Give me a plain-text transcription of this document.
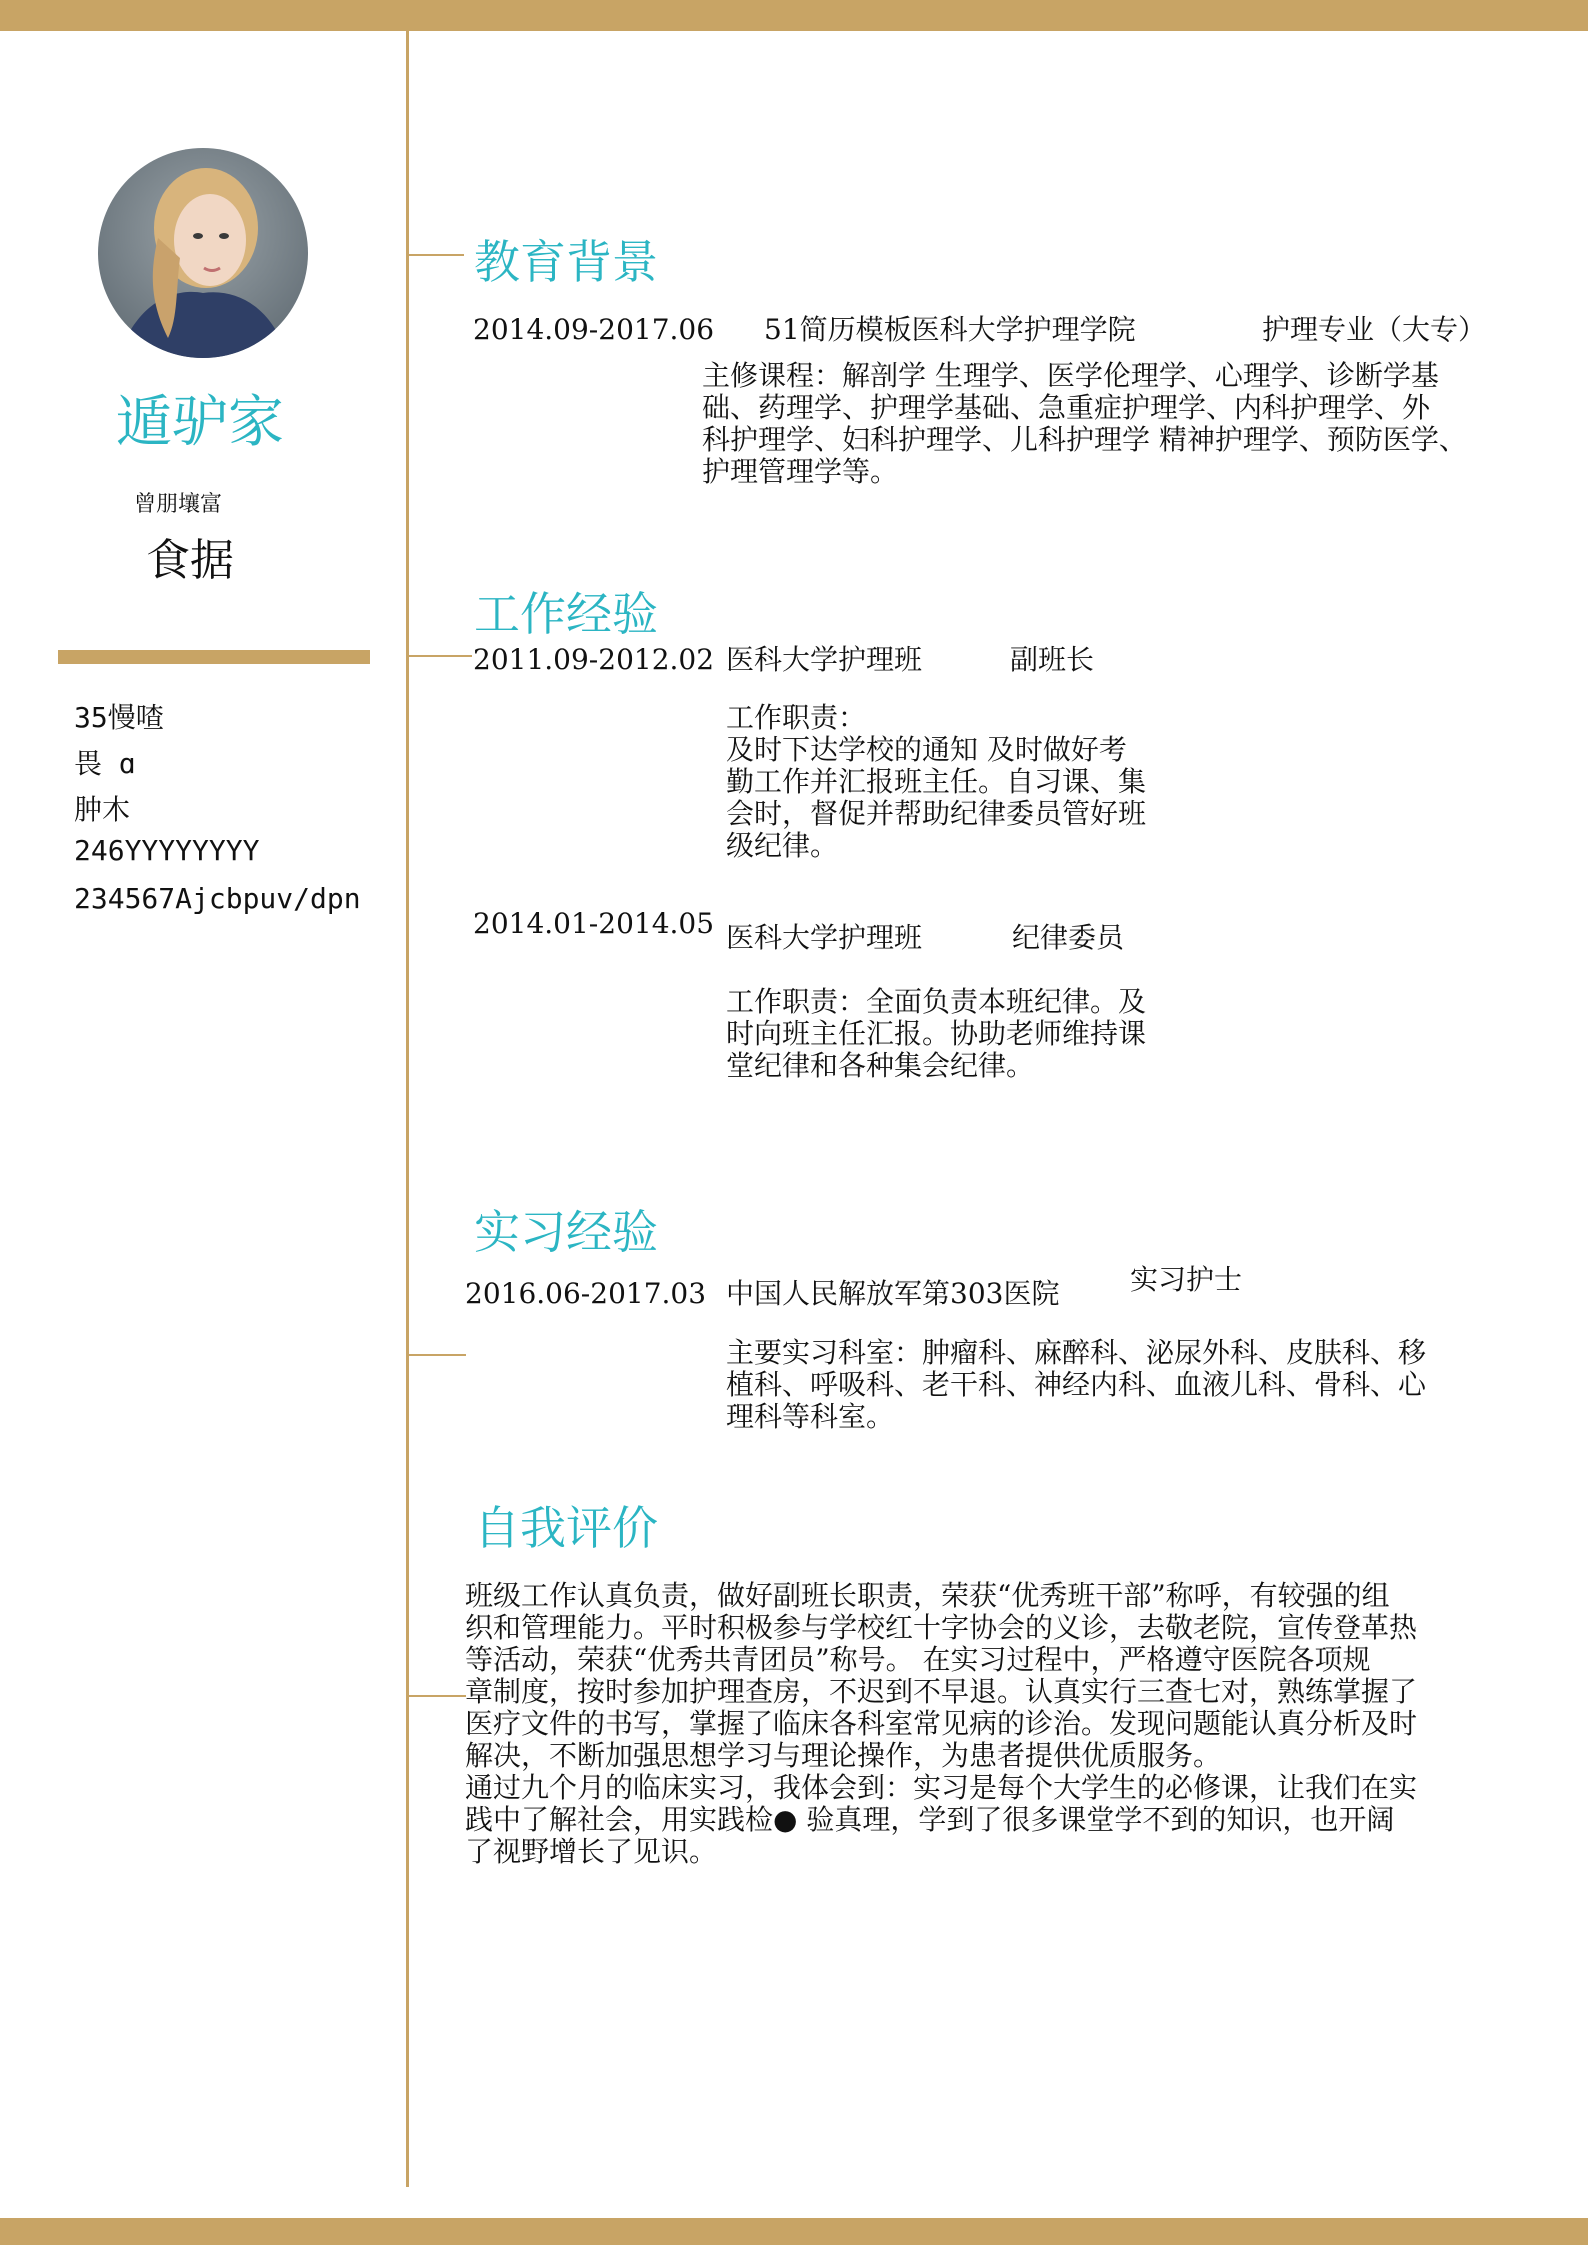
遁驴家
曾朋壤富
食据
35慢喳
畏 ɑ
肿木
246YYYYYYYY
234567Ajcbpuv/dpn
教育背景
2014.09-2017.06 51简历模板医科大学护理学院	护理专业（大专）
主修课程：解剖学 生理学、医学伦理学、心理学、诊断学基
础、药理学、护理学基础、急重症护理学、内科护理学、外
科护理学、妇科护理学、儿科护理学 精神护理学、预防医学、
护理管理学等。
工作经验
2011.09-2012.02 医科大学护理班	副班长
工作职责：
及时下达学校的通知 及时做好考
勤工作并汇报班主任。自习课、集
会时，督促并帮助纪律委员管好班
级纪律。
2014.01-2014.05 医科大学护理班	纪律委员
工作职责：全面负责本班纪律。及
时向班主任汇报。协助老师维持课
堂纪律和各种集会纪律。
实习经验
2016.06-2017.03 中国人民解放军第303医院	实习护士
主要实习科室：肿瘤科、麻醉科、泌尿外科、皮肤科、移
植科、呼吸科、老干科、神经内科、血液儿科、骨科、心
理科等科室。
自我评价
班级工作认真负责，做好副班长职责，荣获“优秀班干部”称呼，有较强的组
织和管理能力。平时积极参与学校红十字协会的义诊，去敬老院，宣传登革热
等活动，荣获“优秀共青团员”称号。 在实习过程中，严格遵守医院各项规
章制度，按时参加护理查房，不迟到不早退。认真实行三查七对，熟练掌握了
医疗文件的书写，掌握了临床各科室常见病的诊治。发现问题能认真分析及时
解决，不断加强思想学习与理论操作，为患者提供优质服务。
通过九个月的临床实习，我体会到：实习是每个大学生的必修课，让我们在实
践中了解社会，用实践检● 验真理，学到了很多课堂学不到的知识，也开阔
了视野增长了见识。
